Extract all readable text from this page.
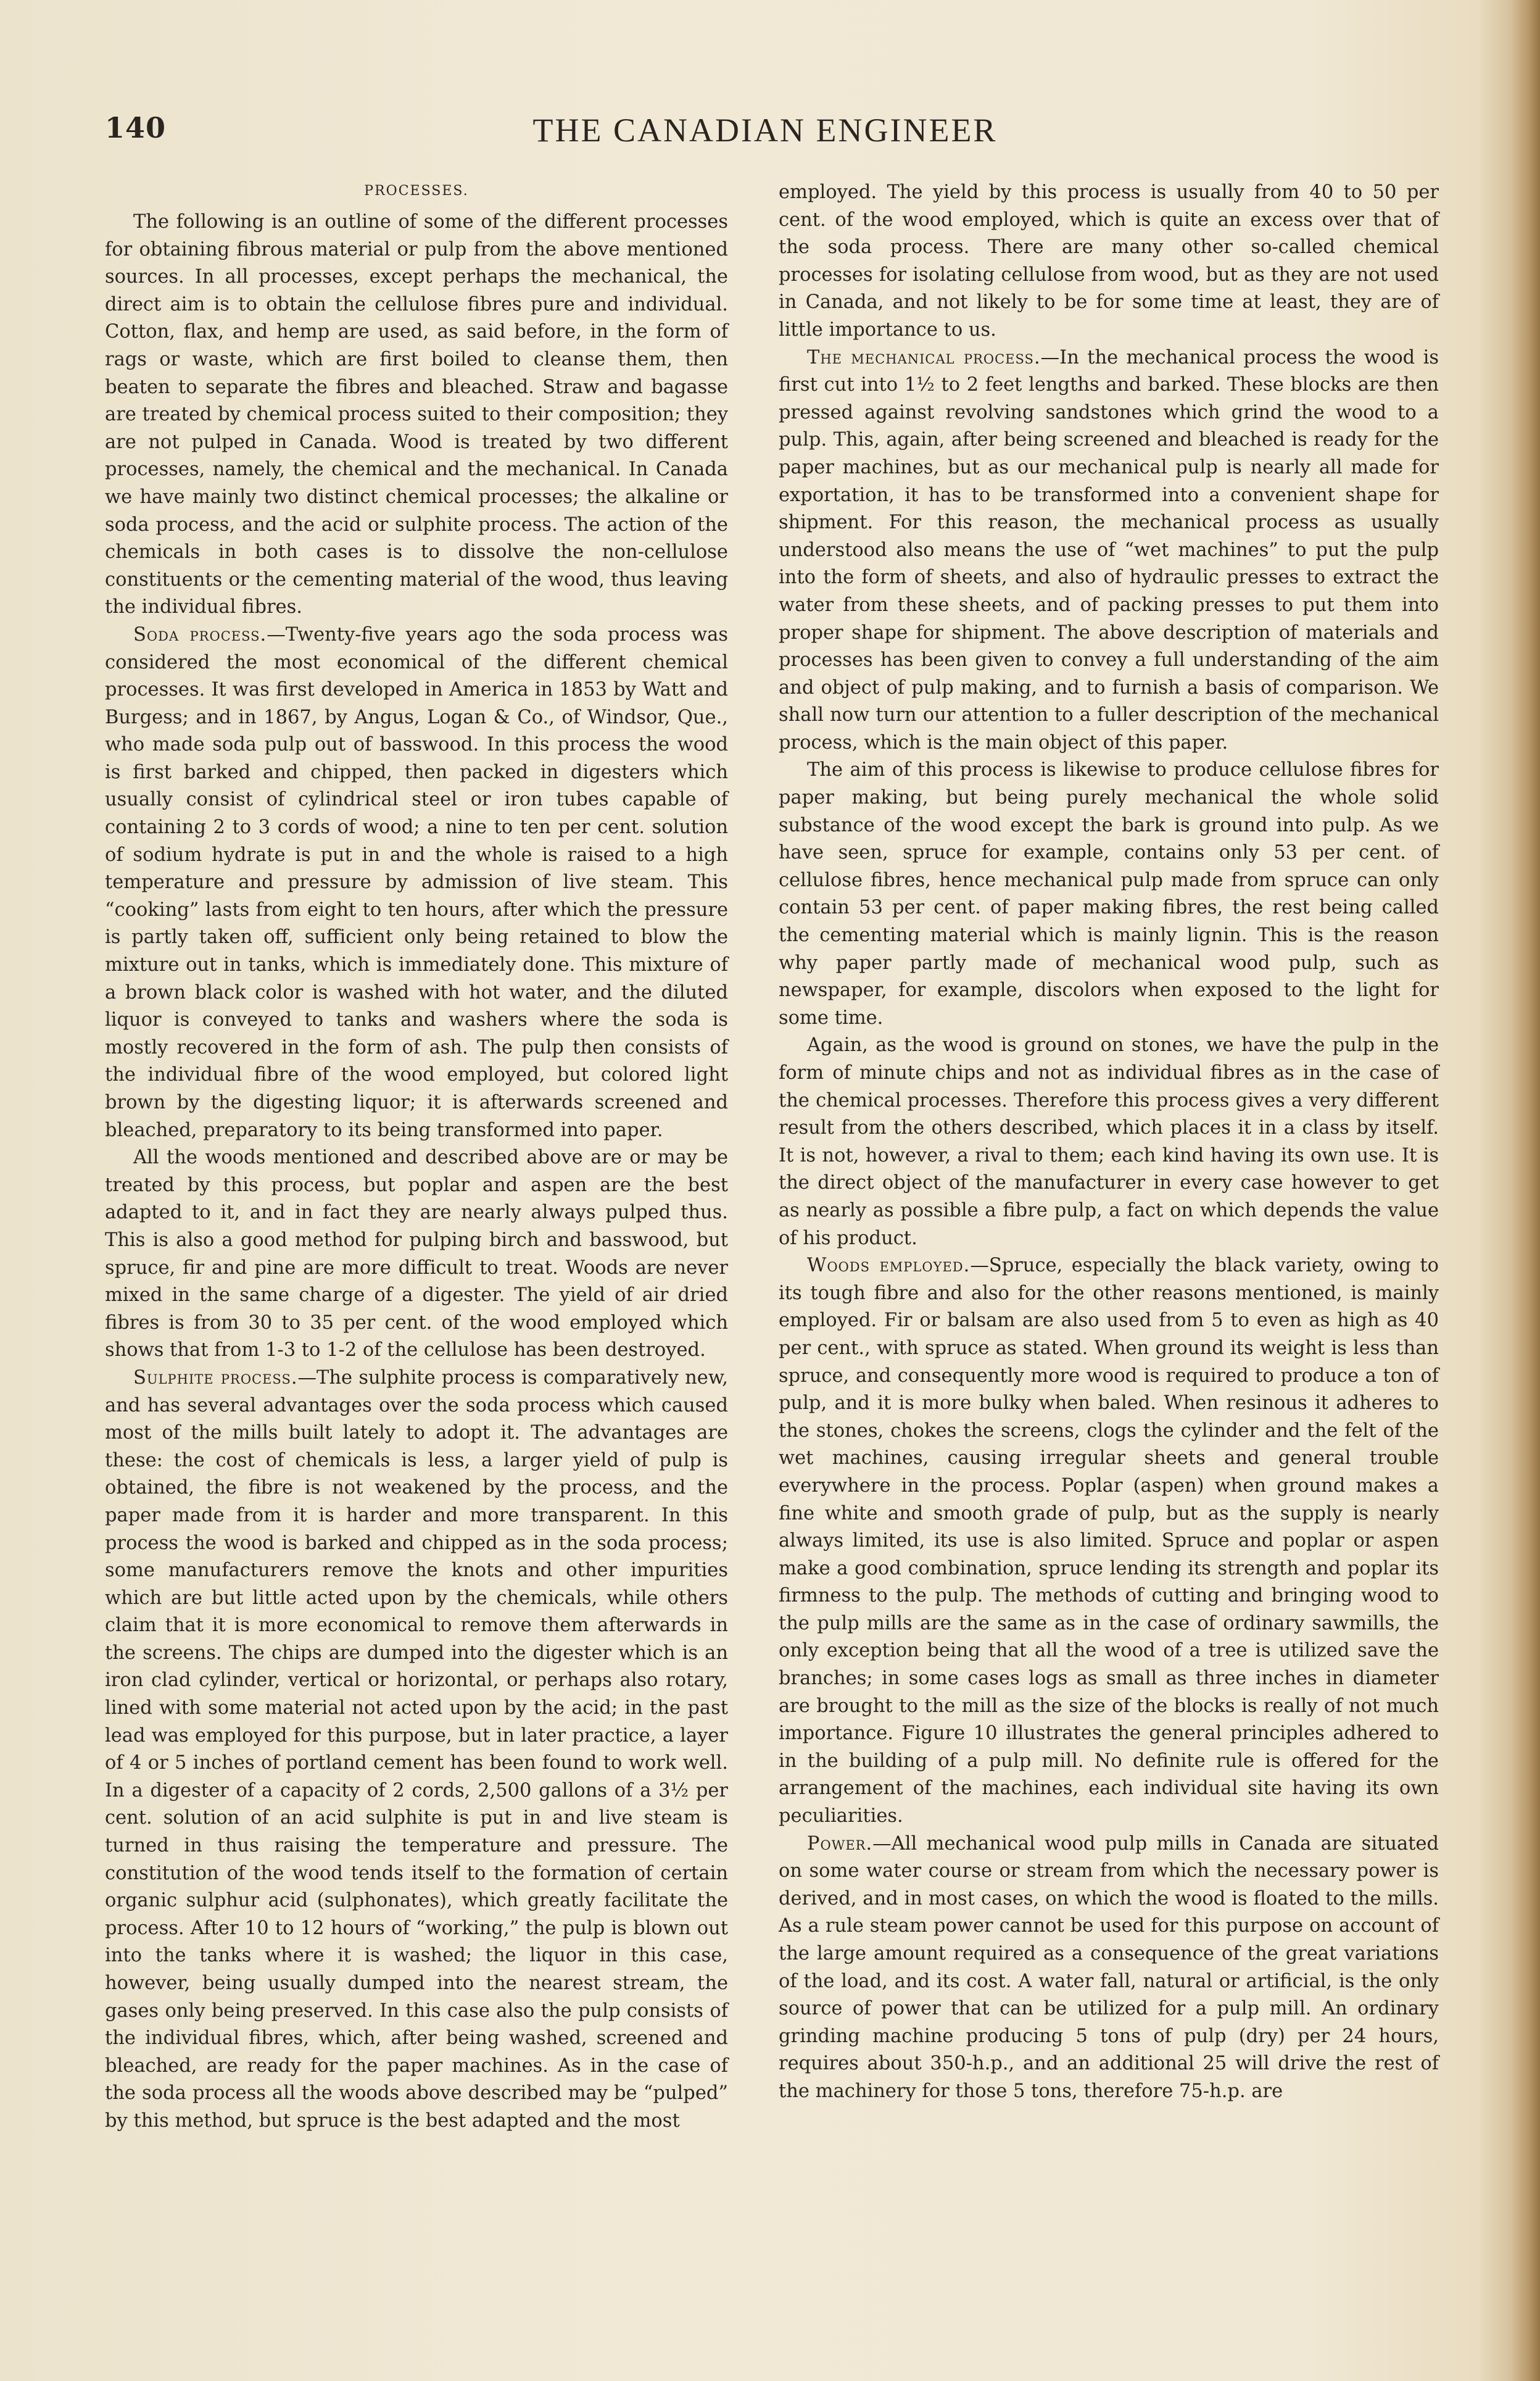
140	THE CANADIAN ENGINEER
PROCESSES.

The following is an outline of some of the different processes for obtaining fibrous material or pulp from the above mentioned sources. In all processes, except perhaps the mechanical, the direct aim is to obtain the cellulose fibres pure and individual. Cotton, flax, and hemp are used, as said before, in the form of rags or waste, which are first boiled to cleanse them, then beaten to separate the fibres and bleached. Straw and bagasse are treated by chemical process suited to their composition; they are not pulped in Canada. Wood is treated by two different processes, namely, the chemical and the mechanical. In Canada we have mainly two distinct chemical processes; the alkaline or soda process, and the acid or sulphite process. The action of the chemicals in both cases is to dissolve the non-cellulose constituents or the cementing material of the wood, thus leaving the individual fibres.

Soda process.—Twenty-five years ago the soda process was considered the most economical of the different chemical processes. It was first developed in America in 1853 by Watt and Burgess; and in 1867, by Angus, Logan & Co., of Windsor, Que., who made soda pulp out of basswood. In this process the wood is first barked and chipped, then packed in digesters which usually consist of cylindrical steel or iron tubes capable of containing 2 to 3 cords of wood; a nine to ten per cent. solution of sodium hydrate is put in and the whole is raised to a high temperature and pressure by admission of live steam. This “cooking” lasts from eight to ten hours, after which the pressure is partly taken off, sufficient only being retained to blow the mixture out in tanks, which is immediately done. This mixture of a brown black color is washed with hot water, and the diluted liquor is conveyed to tanks and washers where the soda is mostly recovered in the form of ash. The pulp then consists of the individual fibre of the wood employed, but colored light brown by the digesting liquor; it is afterwards screened and bleached, preparatory to its being transformed into paper.

All the woods mentioned and described above are or may be treated by this process, but poplar and aspen are the best adapted to it, and in fact they are nearly always pulped thus. This is also a good method for pulping birch and basswood, but spruce, fir and pine are more difficult to treat. Woods are never mixed in the same charge of a digester. The yield of air dried fibres is from 30 to 35 per cent. of the wood employed which shows that from 1-3 to 1-2 of the cellulose has been destroyed.

Sulphite process.—The sulphite process is comparatively new, and has several advantages over the soda process which caused most of the mills built lately to adopt it. The advantages are these: the cost of chemicals is less, a larger yield of pulp is obtained, the fibre is not weakened by the process, and the paper made from it is harder and more transparent. In this process the wood is barked and chipped as in the soda process; some manufacturers remove the knots and other impurities which are but little acted upon by the chemicals, while others claim that it is more economical to remove them afterwards in the screens. The chips are dumped into the digester which is an iron clad cylinder, vertical or horizontal, or perhaps also rotary, lined with some material not acted upon by the acid; in the past lead was employed for this purpose, but in later practice, a layer of 4 or 5 inches of portland cement has been found to work well. In a digester of a capacity of 2 cords, 2,500 gallons of a 3½ per cent. solution of an acid sulphite is put in and live steam is turned in thus raising the temperature and pressure. The constitution of the wood tends itself to the formation of certain organic sulphur acid (sulphonates), which greatly facilitate the process. After 10 to 12 hours of “working,” the pulp is blown out into the tanks where it is washed; the liquor in this case, however, being usually dumped into the nearest stream, the gases only being preserved. In this case also the pulp consists of the individual fibres, which, after being washed, screened and bleached, are ready for the paper machines. As in the case of the soda process all the woods above described may be “pulped” by this method, but spruce is the best adapted and the most

employed. The yield by this process is usually from 40 to 50 per cent. of the wood employed, which is quite an excess over that of the soda process. There are many other so-called chemical processes for isolating cellulose from wood, but as they are not used in Canada, and not likely to be for some time at least, they are of little importance to us.

The mechanical process.—In the mechanical process the wood is first cut into 1½ to 2 feet lengths and barked. These blocks are then pressed against revolving sandstones which grind the wood to a pulp. This, again, after being screened and bleached is ready for the paper machines, but as our mechanical pulp is nearly all made for exportation, it has to be transformed into a convenient shape for shipment. For this reason, the mechanical process as usually understood also means the use of “wet machines” to put the pulp into the form of sheets, and also of hydraulic presses to extract the water from these sheets, and of packing presses to put them into proper shape for shipment. The above description of materials and processes has been given to convey a full understanding of the aim and object of pulp making, and to furnish a basis of comparison. We shall now turn our attention to a fuller description of the mechanical process, which is the main object of this paper.

The aim of this process is likewise to produce cellulose fibres for paper making, but being purely mechanical the whole solid substance of the wood except the bark is ground into pulp. As we have seen, spruce for example, contains only 53 per cent. of cellulose fibres, hence mechanical pulp made from spruce can only contain 53 per cent. of paper making fibres, the rest being called the cementing material which is mainly lignin. This is the reason why paper partly made of mechanical wood pulp, such as newspaper, for example, discolors when exposed to the light for some time.

Again, as the wood is ground on stones, we have the pulp in the form of minute chips and not as individual fibres as in the case of the chemical processes. Therefore this process gives a very different result from the others described, which places it in a class by itself. It is not, however, a rival to them; each kind having its own use. It is the direct object of the manufacturer in every case however to get as nearly as possible a fibre pulp, a fact on which depends the value of his product.

Woods employed.—Spruce, especially the black variety, owing to its tough fibre and also for the other reasons mentioned, is mainly employed. Fir or balsam are also used from 5 to even as high as 40 per cent., with spruce as stated. When ground its weight is less than spruce, and consequently more wood is required to produce a ton of pulp, and it is more bulky when baled. When resinous it adheres to the stones, chokes the screens, clogs the cylinder and the felt of the wet machines, causing irregular sheets and general trouble everywhere in the process. Poplar (aspen) when ground makes a fine white and smooth grade of pulp, but as the supply is nearly always limited, its use is also limited. Spruce and poplar or aspen make a good combination, spruce lending its strength and poplar its firmness to the pulp. The methods of cutting and bringing wood to the pulp mills are the same as in the case of ordinary sawmills, the only exception being that all the wood of a tree is utilized save the branches; in some cases logs as small as three inches in diameter are brought to the mill as the size of the blocks is really of not much importance. Figure 10 illustrates the general principles adhered to in the building of a pulp mill. No definite rule is offered for the arrangement of the machines, each individual site having its own peculiarities.

Power.—All mechanical wood pulp mills in Canada are situated on some water course or stream from which the necessary power is derived, and in most cases, on which the wood is floated to the mills. As a rule steam power cannot be used for this purpose on account of the large amount required as a consequence of the great variations of the load, and its cost. A water fall, natural or artificial, is the only source of power that can be utilized for a pulp mill. An ordinary grinding machine producing 5 tons of pulp (dry) per 24 hours, requires about 350-h.p., and an additional 25 will drive the rest of the machinery for those 5 tons, therefore 75-h.p. are
